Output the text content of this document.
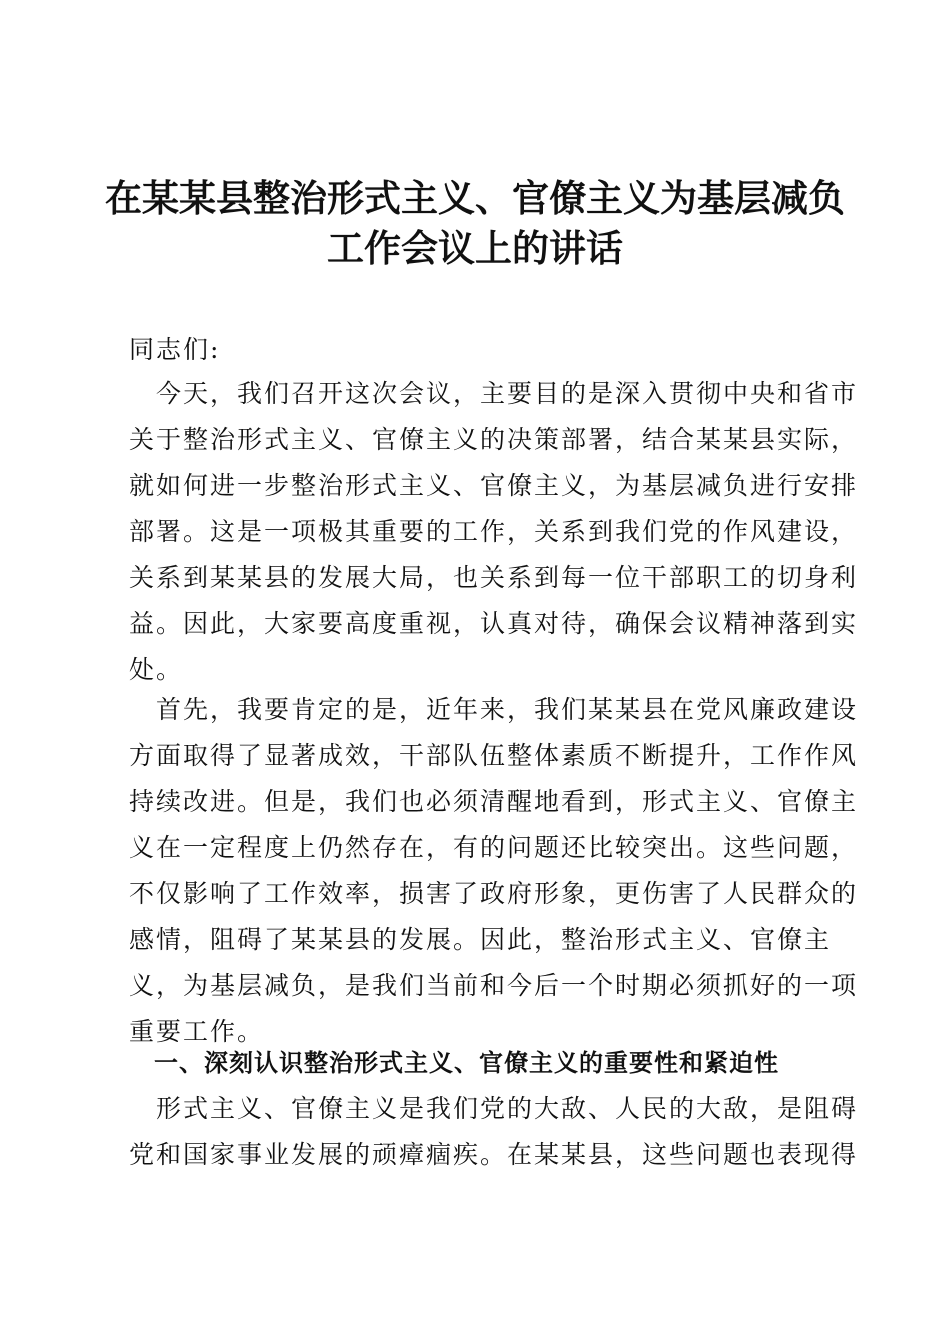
在某某县整治形式主义、官僚主义为基层减负
工作会议上的讲话
同志们:
　今天，我们召开这次会议，主要目的是深入贯彻中央和省市
关于整治形式主义、官僚主义的决策部署，结合某某县实际，
就如何进一步整治形式主义、官僚主义，为基层减负进行安排
部署。这是一项极其重要的工作，关系到我们党的作风建设，
关系到某某县的发展大局，也关系到每一位干部职工的切身利
益。因此，大家要高度重视，认真对待，确保会议精神落到实
处。
　首先，我要肯定的是，近年来，我们某某县在党风廉政建设
方面取得了显著成效，干部队伍整体素质不断提升，工作作风
持续改进。但是，我们也必须清醒地看到，形式主义、官僚主
义在一定程度上仍然存在，有的问题还比较突出。这些问题，
不仅影响了工作效率，损害了政府形象，更伤害了人民群众的
感情，阻碍了某某县的发展。因此，整治形式主义、官僚主
义，为基层减负，是我们当前和今后一个时期必须抓好的一项
重要工作。
　一、深刻认识整治形式主义、官僚主义的重要性和紧迫性
　形式主义、官僚主义是我们党的大敌、人民的大敌，是阻碍
党和国家事业发展的顽瘴痼疾。在某某县，这些问题也表现得
